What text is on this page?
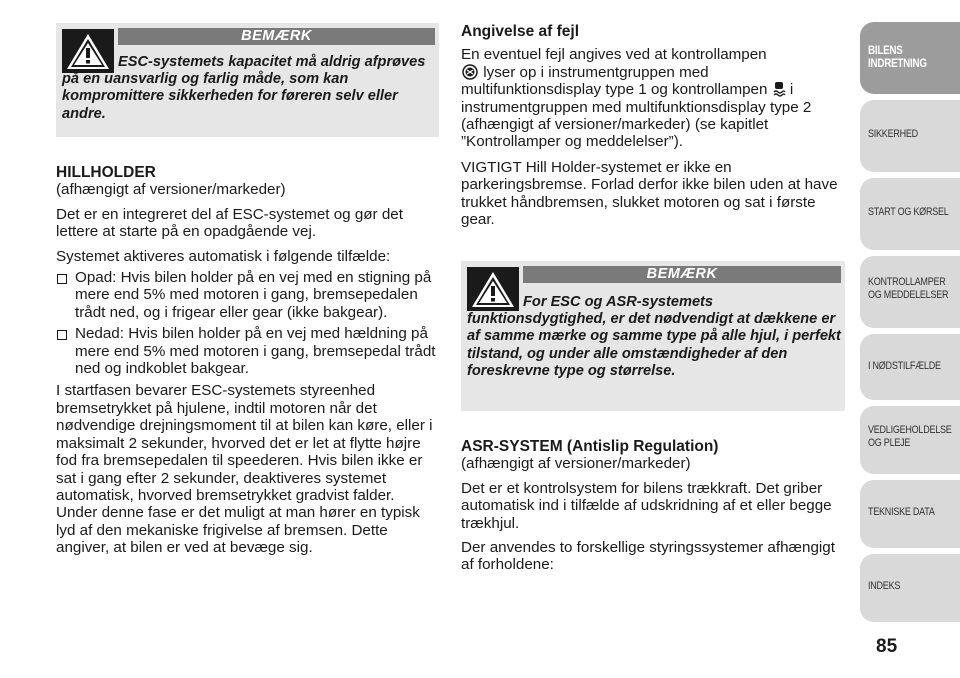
BEMÆRK
ESC-systemets kapacitet må aldrig afprøves på en uansvarlig og farlig måde, som kan kompromittere sikkerheden for føreren selv eller andre.

HILLHOLDER

(afhængigt af versioner/markeder)

Det er en integreret del af ESC-systemet og gør det lettere at starte på en opadgående vej.

Systemet aktiveres automatisk i følgende tilfælde:

Opad: Hvis bilen holder på en vej med en stigning på mere end 5% med motoren i gang, bremsepedalen trådt ned, og i frigear eller gear (ikke bakgear).

Nedad: Hvis bilen holder på en vej med hældning på mere end 5% med motoren i gang, bremsepedal trådt ned og indkoblet bakgear.

I startfasen bevarer ESC-systemets styreenhed bremsetrykket på hjulene, indtil motoren når det nødvendige drejningsmoment til at bilen kan køre, eller i maksimalt 2 sekunder, hvorved det er let at flytte højre fod fra bremsepedalen til speederen. Hvis bilen ikke er sat i gang efter 2 sekunder, deaktiveres systemet automatisk, hvorved bremsetrykket gradvist falder. Under denne fase er det muligt at man hører en typisk lyd af den mekaniske frigivelse af bremsen. Dette angiver, at bilen er ved at bevæge sig.

Angivelse af fejl

En eventuel fejl angives ved at kontrollampen
lyser op i instrumentgruppen med multifunktionsdisplay type 1 og kontrollampen i instrumentgruppen med multifunktionsdisplay type 2 (afhængigt af versioner/markeder) (se kapitlet ”Kontrollamper og meddelelser”).

VIGTIGT Hill Holder-systemet er ikke en parkeringsbremse. Forlad derfor ikke bilen uden at have trukket håndbremsen, slukket motoren og sat i første gear.

BEMÆRK
For ESC og ASR-systemets funktionsdygtighed, er det nødvendigt at dækkene er af samme mærke og samme type på alle hjul, i perfekt tilstand, og under alle omstændigheder af den foreskrevne type og størrelse.

ASR-SYSTEM (Antislip Regulation)

(afhængigt af versioner/markeder)

Det er et kontrolsystem for bilens trækkraft. Det griber automatisk ind i tilfælde af udskridning af et eller begge trækhjul.

Der anvendes to forskellige styringssystemer afhængigt af forholdene:

BILENS
INDRETNING
SIKKERHED
START OG KØRSEL
KONTROLLAMPER
OG MEDDELELSER
I NØDSTILFÆLDE
VEDLIGEHOLDELSE
OG PLEJE
TEKNISKE DATA
INDEKS
85
